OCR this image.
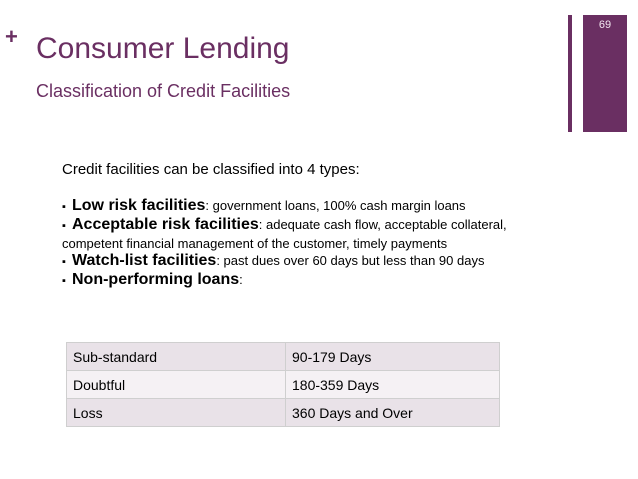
+ Consumer Lending
Classification of Credit Facilities
69
Credit facilities can be classified into 4 types:

▪ Low risk facilities: government loans, 100% cash margin loans

▪ Acceptable risk facilities: adequate cash flow, acceptable collateral, competent financial management of the customer, timely payments

▪ Watch-list facilities: past dues over 60 days but less than 90 days

▪ Non-performing loans:

Sub-standard	90-179 Days
Doubtful	180-359 Days
Loss	360 Days and Over
